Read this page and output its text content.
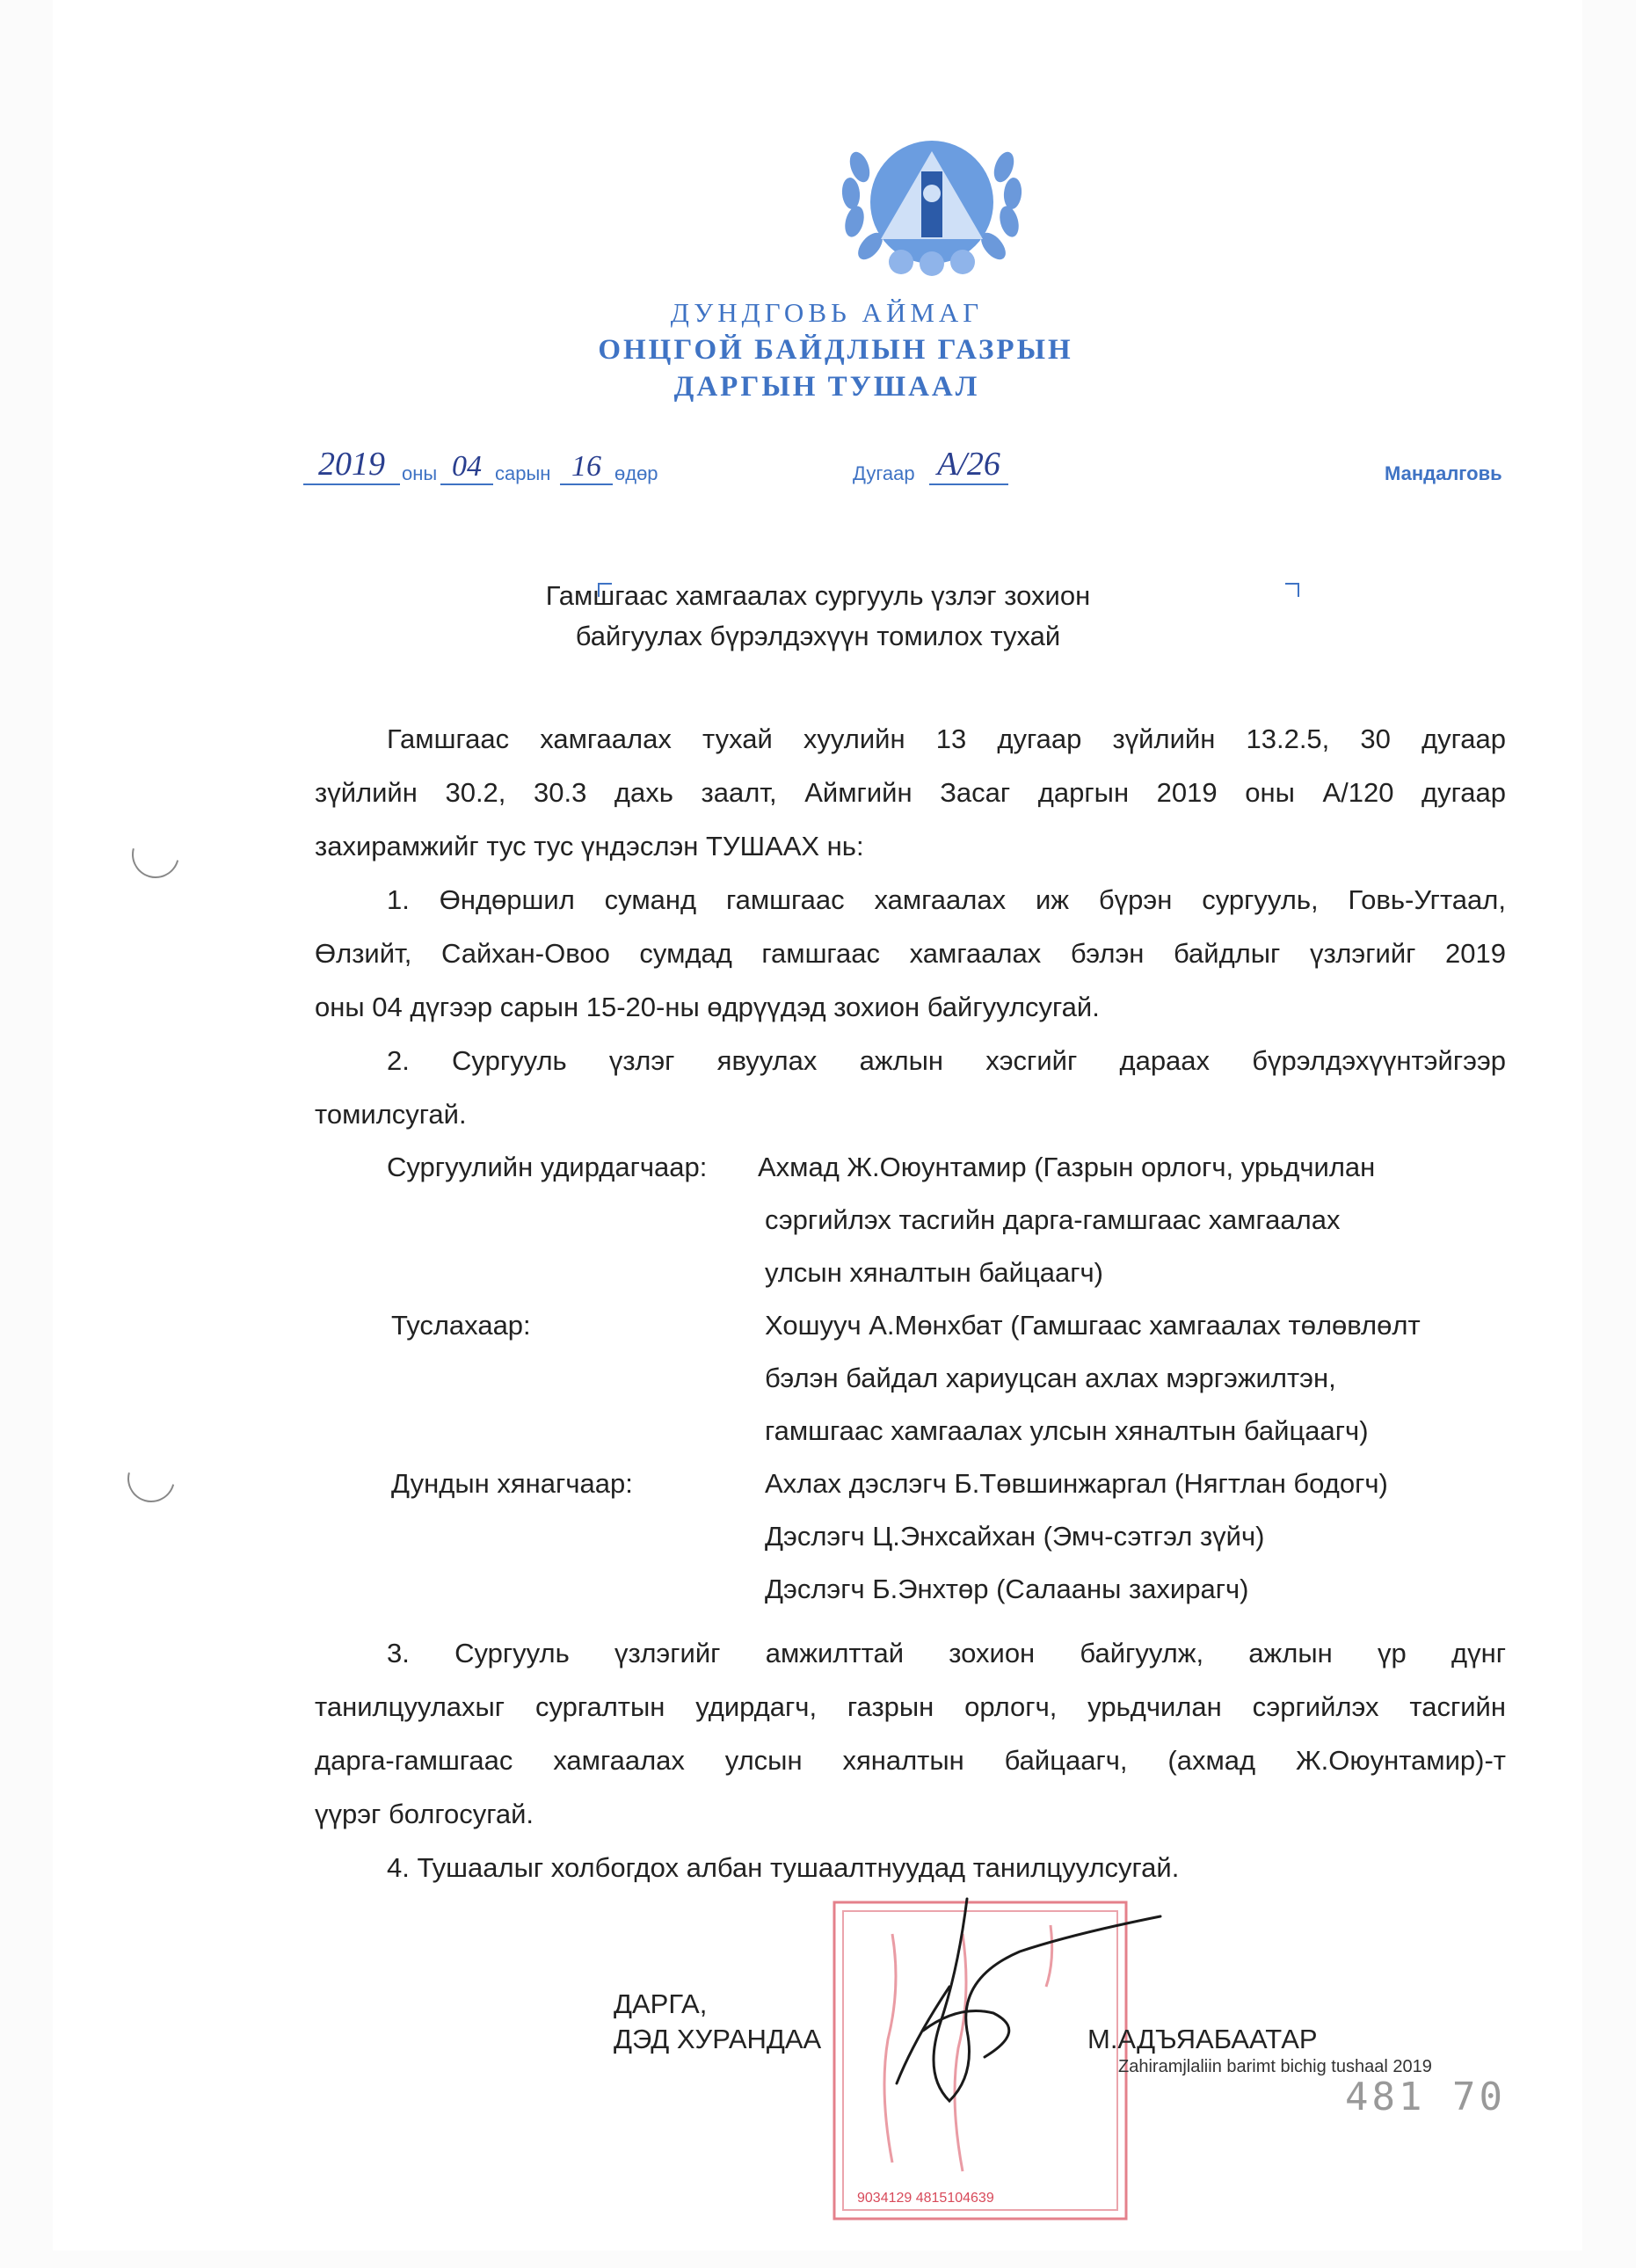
ДУНДГОВЬ АЙМАГ
ОНЦГОЙ БАЙДЛЫН ГАЗРЫН
ДАРГЫН ТУШААЛ
2019 оны 04 сарын 16 өдөр	Дугаар А/26	Мандалговь
Гамшгаас хамгаалах сургууль үзлэг зохион
байгуулах бүрэлдэхүүн томилох тухай
Гамшгаас хамгаалах тухай хуулийн 13 дугаар зүйлийн 13.2.5, 30 дугаар
зүйлийн 30.2, 30.3 дахь заалт, Аймгийн Засаг даргын 2019 оны А/120 дугаар
захирамжийг тус тус үндэслэн ТУШААХ нь:
1. Өндөршил суманд гамшгаас хамгаалах иж бүрэн сургууль, Говь-Угтаал,
Өлзийт, Сайхан-Овоо сумдад гамшгаас хамгаалах бэлэн байдлыг үзлэгийг 2019
оны 04 дүгээр сарын 15-20-ны өдрүүдэд зохион байгуулсугай.
2. Сургууль үзлэг явуулах ажлын хэсгийг дараах бүрэлдэхүүнтэйгээр
томилсугай.
Сургуулийн удирдагчаар: Ахмад Ж.Оюунтамир (Газрын орлогч, урьдчилан
сэргийлэх тасгийн дарга-гамшгаас хамгаалах
улсын хяналтын байцаагч)
Туслахаар:	Хошууч А.Мөнхбат (Гамшгаас хамгаалах төлөвлөлт
бэлэн байдал хариуцсан ахлах мэргэжилтэн,
гамшгаас хамгаалах улсын хяналтын байцаагч)
Дундын хянагчаар:	Ахлах дэслэгч Б.Төвшинжаргал (Нягтлан бодогч)
Дэслэгч Ц.Энхсайхан (Эмч-сэтгэл зүйч)
Дэслэгч Б.Энхтөр (Салааны захирагч)
3. Сургууль үзлэгийг амжилттай зохион байгуулж, ажлын үр дүнг
танилцуулахыг сургалтын удирдагч, газрын орлогч, урьдчилан сэргийлэх тасгийн
дарга-гамшгаас хамгаалах улсын хяналтын байцаагч, (ахмад Ж.Оюунтамир)-т
үүрэг болгосугай.
4. Тушаалыг холбогдох албан тушаалтнуудад танилцуулсугай.
9034129 4815104639
ДАРГА,
ДЭД ХУРАНДАА	М.АДЪЯАБААТАР
Zahiramjlaliin barimt bichig tushaal 2019
481 70
